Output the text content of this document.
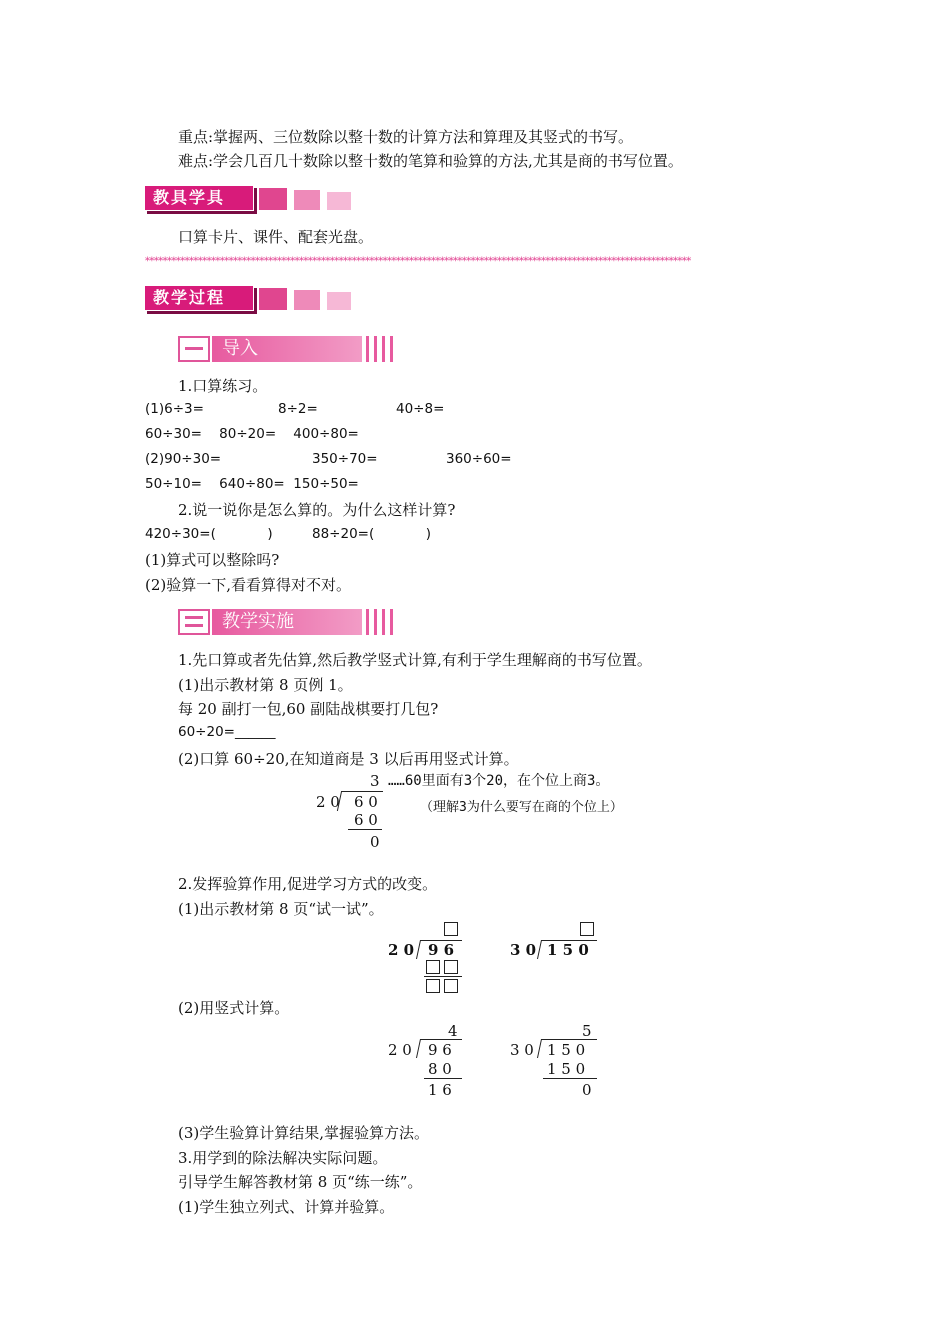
重点:掌握两、三位数除以整十数的计算方法和算理及其竖式的书写。
难点:学会几百几十数除以整十数的笔算和验算的方法,尤其是商的书写位置。
教具学具
口算卡片、课件、配套光盘。
****************************************************************************************************************************
教学过程
导入
1.口算练习。
(1)6÷3=	8÷2=	40÷8=
60÷30=    80÷20=    400÷80=
(2)90÷30=	350÷70=	360÷60=
50÷10=    640÷80=  150÷50=
2.说一说你是怎么算的。为什么这样计算?
420÷30=(            )	88÷20=(            )
(1)算式可以整除吗?
(2)验算一下,看看算得对不对。
教学实施
1.先口算或者先估算,然后教学竖式计算,有利于学生理解商的书写位置。
(1)出示教材第 8 页例 1。
每 20 副打一包,60 副陆战棋要打几包?
60÷20=______
(2)口算 60÷20,在知道商是 3 以后再用竖式计算。
3
2 0 6 0
6 0
0
……60里面有3个20，在个位上商3。
（理解3为什么要写在商的个位上）
2.发挥验算作用,促进学习方式的改变。
(1)出示教材第 8 页“试一试”。
2 0 9 6	3 0 1 5 0
(2)用竖式计算。
4
2 0 9 6
8 0
1 6
5
3 0 1 5 0
1 5 0
0
(3)学生验算计算结果,掌握验算方法。
3.用学到的除法解决实际问题。
引导学生解答教材第 8 页“练一练”。
(1)学生独立列式、计算并验算。
